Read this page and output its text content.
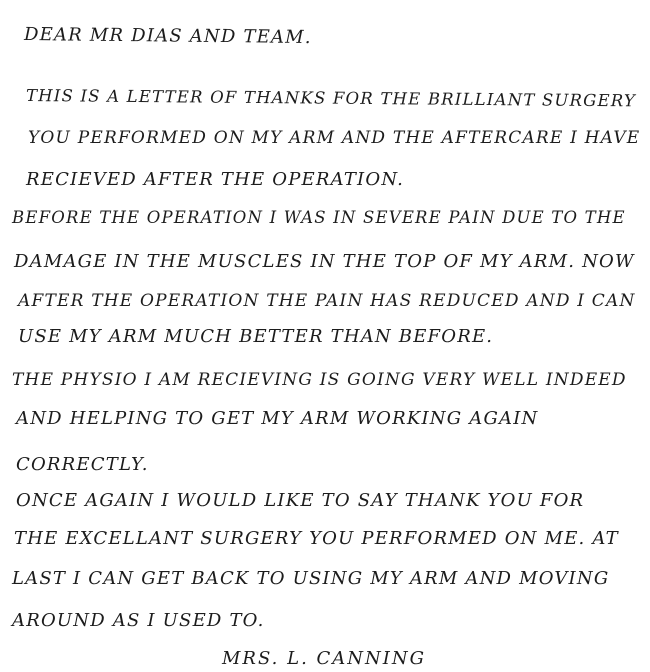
DEAR MR DIAS AND TEAM.
THIS IS A LETTER OF THANKS FOR THE BRILLIANT SURGERY
YOU PERFORMED ON MY ARM AND THE AFTERCARE I HAVE
RECIEVED AFTER THE OPERATION.
BEFORE THE OPERATION I WAS IN SEVERE PAIN DUE TO THE
DAMAGE IN THE MUSCLES IN THE TOP OF MY ARM. NOW
AFTER THE OPERATION THE PAIN HAS REDUCED AND I CAN
USE MY ARM MUCH BETTER THAN BEFORE.
THE PHYSIO I AM RECIEVING IS GOING VERY WELL INDEED
AND HELPING TO GET MY ARM WORKING AGAIN
CORRECTLY.
ONCE AGAIN I WOULD LIKE TO SAY THANK YOU FOR
THE EXCELLANT SURGERY YOU PERFORMED ON ME. AT
LAST I CAN GET BACK TO USING MY ARM AND MOVING
AROUND AS I USED TO.
MRS. L. CANNING
